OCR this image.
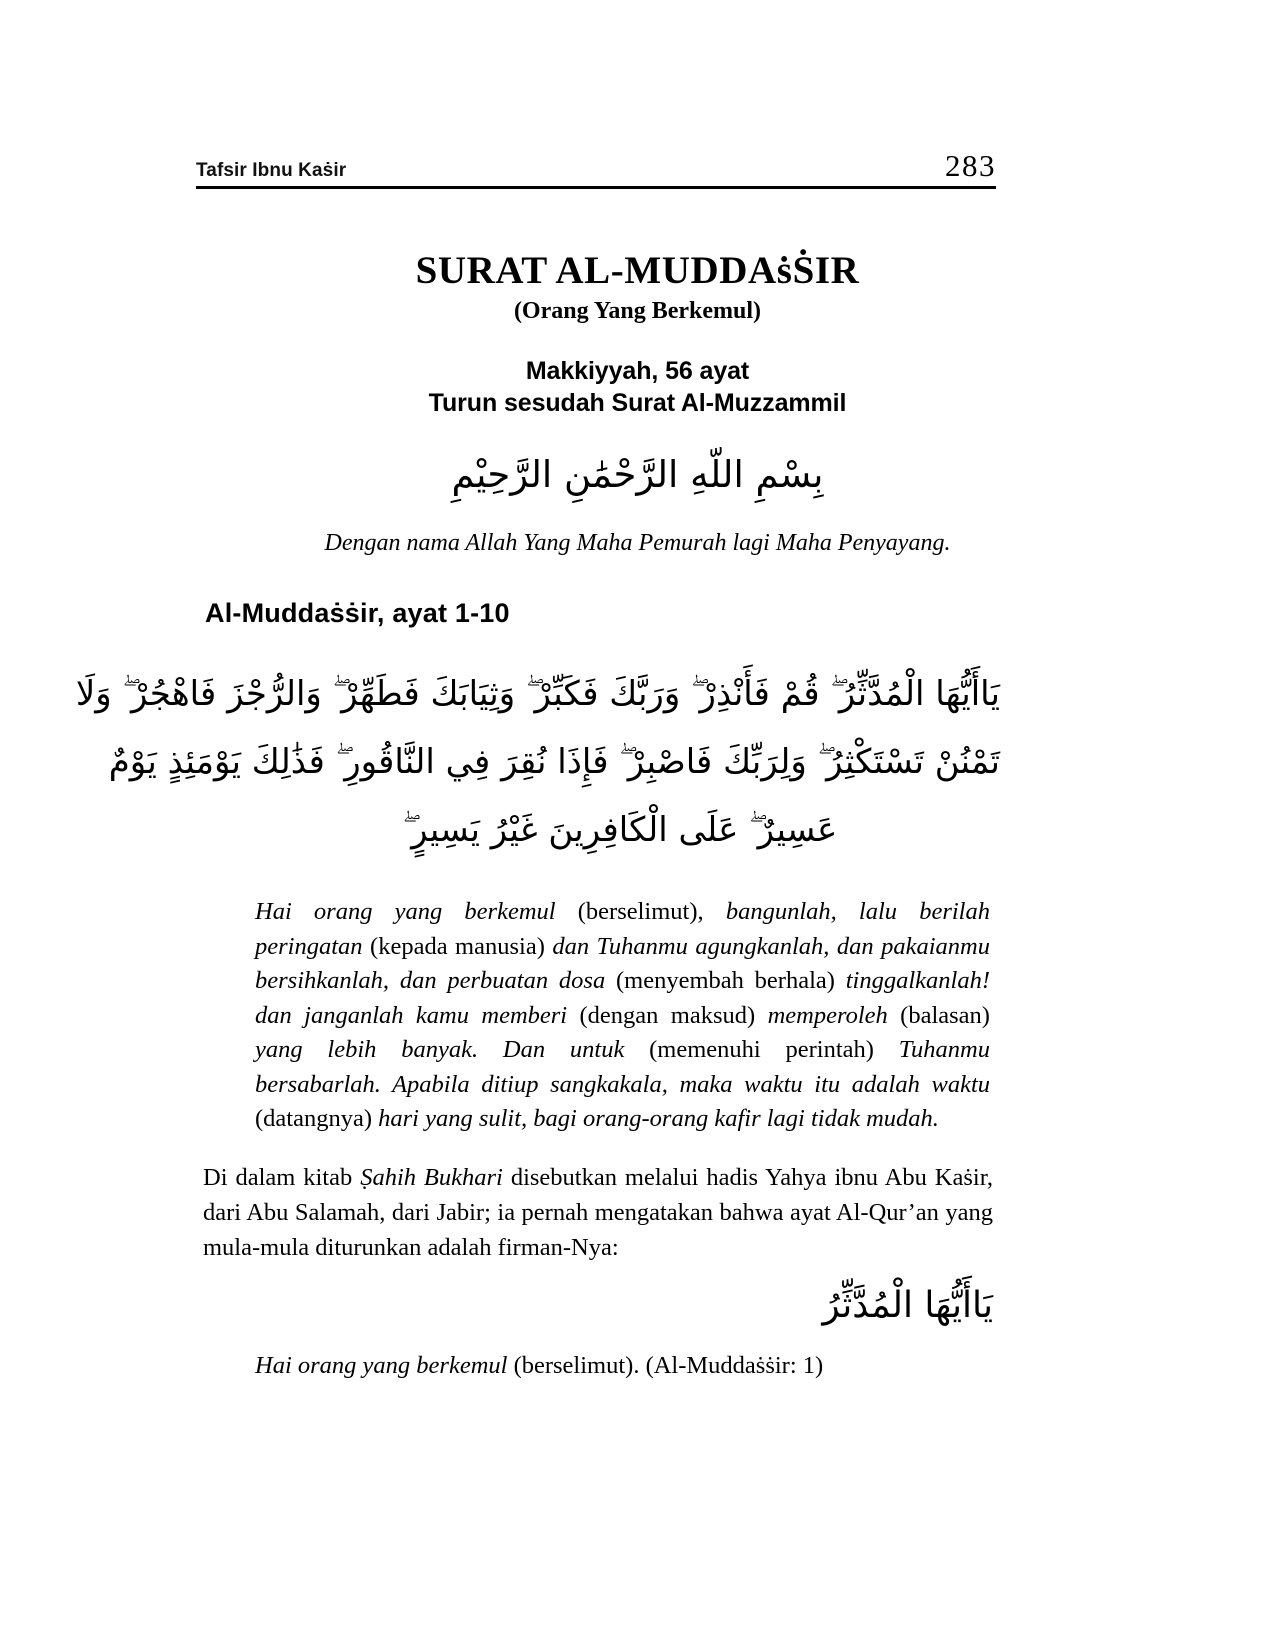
Tafsir Ibnu Kaṡir	283
SURAT AL-MUDDAṡṠIR
(Orang Yang Berkemul)
Makkiyyah, 56 ayat
Turun sesudah Surat Al-Muzzammil
بِسْمِ اللّهِ الرَّحْمَٰنِ الرَّحِيْمِ
Dengan nama Allah Yang Maha Pemurah lagi Maha Penyayang.
Al-Muddaṡṡir, ayat 1-10
يَاأَيُّهَا الْمُدَّثِّرُ ۖ قُمْ فَأَنْذِرْ ۖ وَرَبَّكَ فَكَبِّرْ ۖ وَثِيَابَكَ فَطَهِّرْ ۖ وَالرُّجْزَ فَاهْجُرْ ۖ وَلَا
تَمْنُنْ تَسْتَكْثِرُ ۖ وَلِرَبِّكَ فَاصْبِرْ ۖ فَإِذَا نُقِرَ فِي النَّاقُورِ ۖ فَذَٰلِكَ يَوْمَئِذٍ يَوْمٌ
عَسِيرٌ ۖ عَلَى الْكَافِرِينَ غَيْرُ يَسِيرٍ ۖ
Hai orang yang berkemul (berselimut), bangunlah, lalu berilah peringatan (kepada manusia) dan Tuhanmu agungkanlah, dan pakaianmu bersihkanlah, dan perbuatan dosa (menyembah berhala) tinggalkanlah! dan janganlah kamu memberi (dengan maksud) memperoleh (balasan) yang lebih banyak. Dan untuk (memenuhi perintah) Tuhanmu bersabarlah. Apabila ditiup sangkakala, maka waktu itu adalah waktu (datangnya) hari yang sulit, bagi orang-orang kafir lagi tidak mudah.
Di dalam kitab Ṣahih Bukhari disebutkan melalui hadis Yahya ibnu Abu Kaṡir, dari Abu Salamah, dari Jabir; ia pernah mengatakan bahwa ayat Al-Qur’an yang mula-mula diturunkan adalah firman-Nya:
يَاأَيُّهَا الْمُدَّثِّرُ
Hai orang yang berkemul (berselimut). (Al-Muddaṡṡir: 1)
